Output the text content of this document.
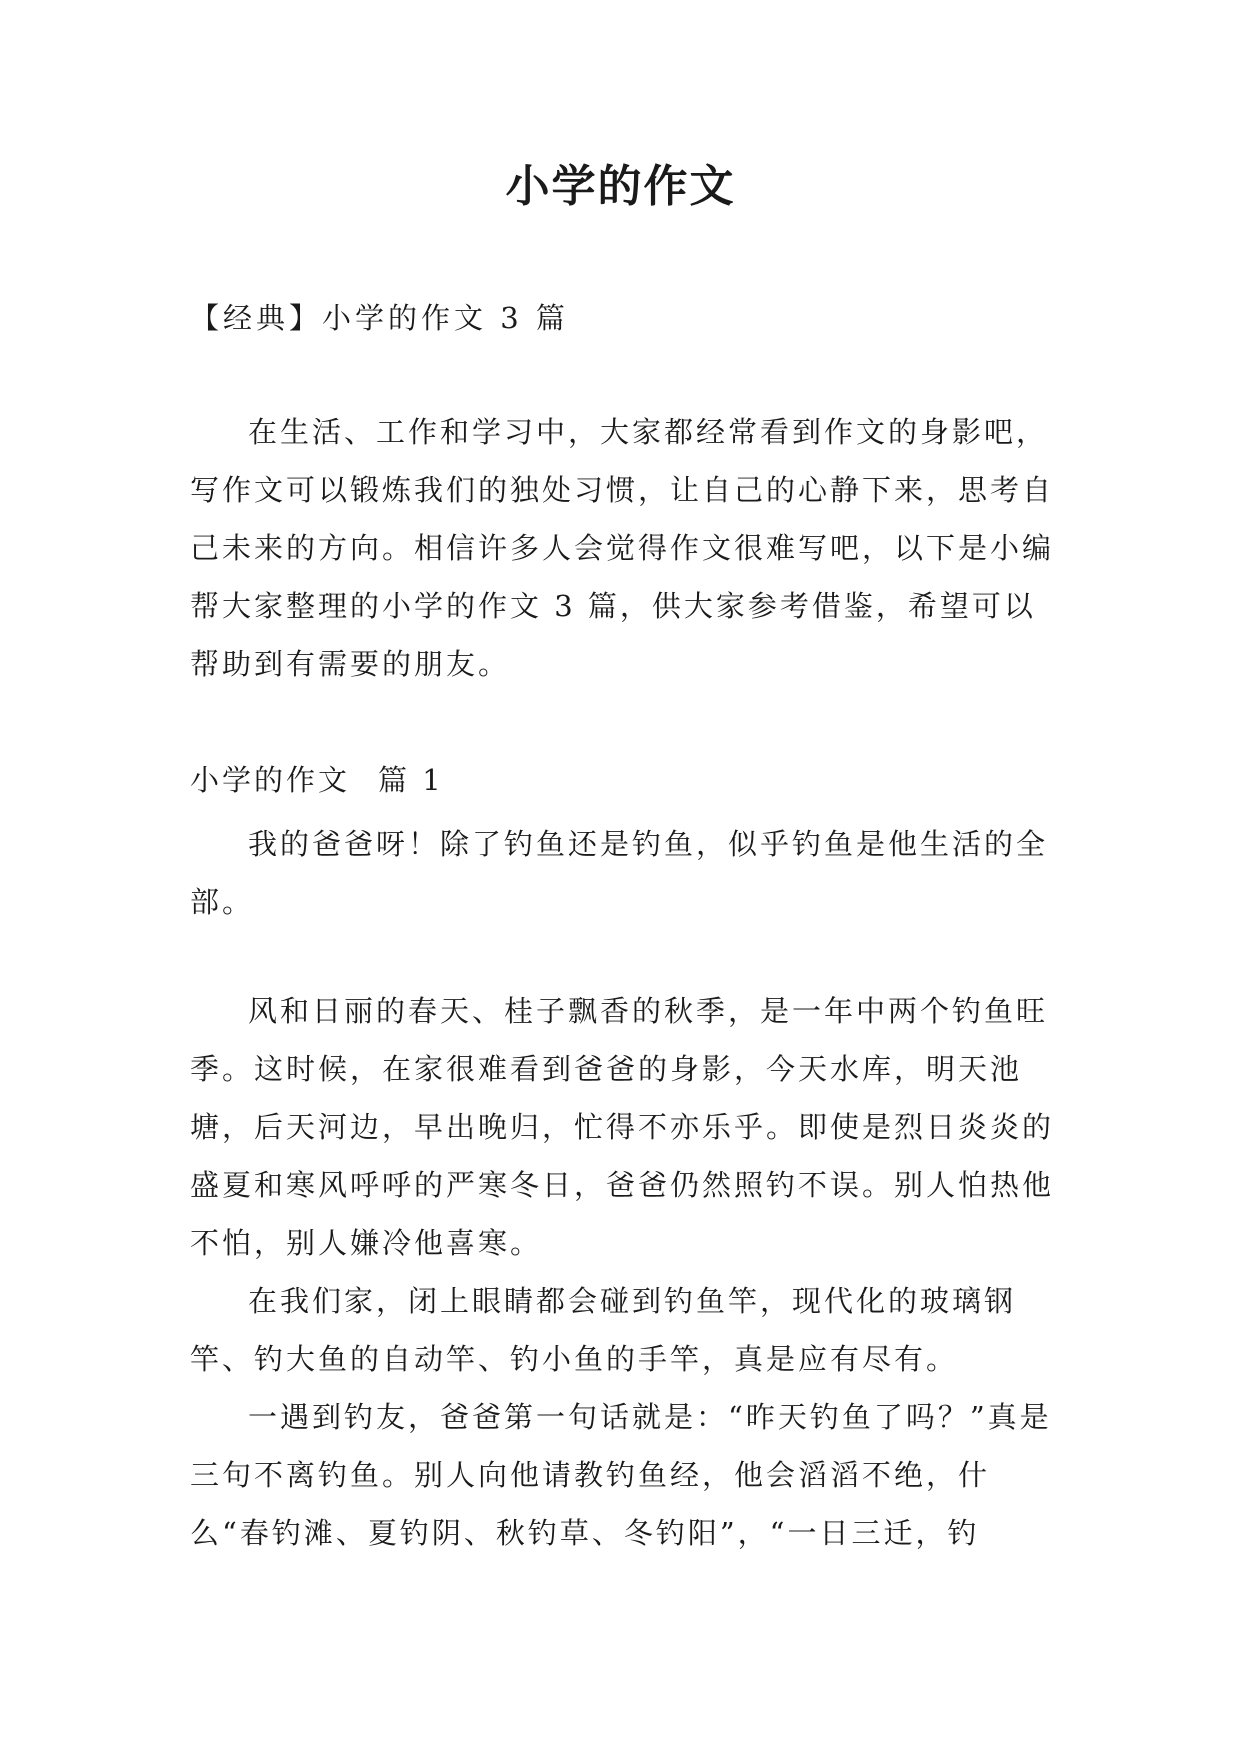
小学的作文
【经典】小学的作文 3 篇

在生活、工作和学习中，大家都经常看到作文的身影吧，写作文可以锻炼我们的独处习惯，让自己的心静下来，思考自己未来的方向。相信许多人会觉得作文很难写吧，以下是小编帮大家整理的小学的作文 3 篇，供大家参考借鉴，希望可以帮助到有需要的朋友。

小学的作文 篇 1

我的爸爸呀！除了钓鱼还是钓鱼，似乎钓鱼是他生活的全部。

风和日丽的春天、桂子飘香的秋季，是一年中两个钓鱼旺季。这时候，在家很难看到爸爸的身影，今天水库，明天池塘，后天河边，早出晚归，忙得不亦乐乎。即使是烈日炎炎的盛夏和寒风呼呼的严寒冬日，爸爸仍然照钓不误。别人怕热他不怕，别人嫌冷他喜寒。

在我们家，闭上眼睛都会碰到钓鱼竿，现代化的玻璃钢竿、钓大鱼的自动竿、钓小鱼的手竿，真是应有尽有。

一遇到钓友，爸爸第一句话就是：“昨天钓鱼了吗？”真是三句不离钓鱼。别人向他请教钓鱼经，他会滔滔不绝，什么“春钓滩、夏钓阴、秋钓草、冬钓阳”，“一日三迁，钓
